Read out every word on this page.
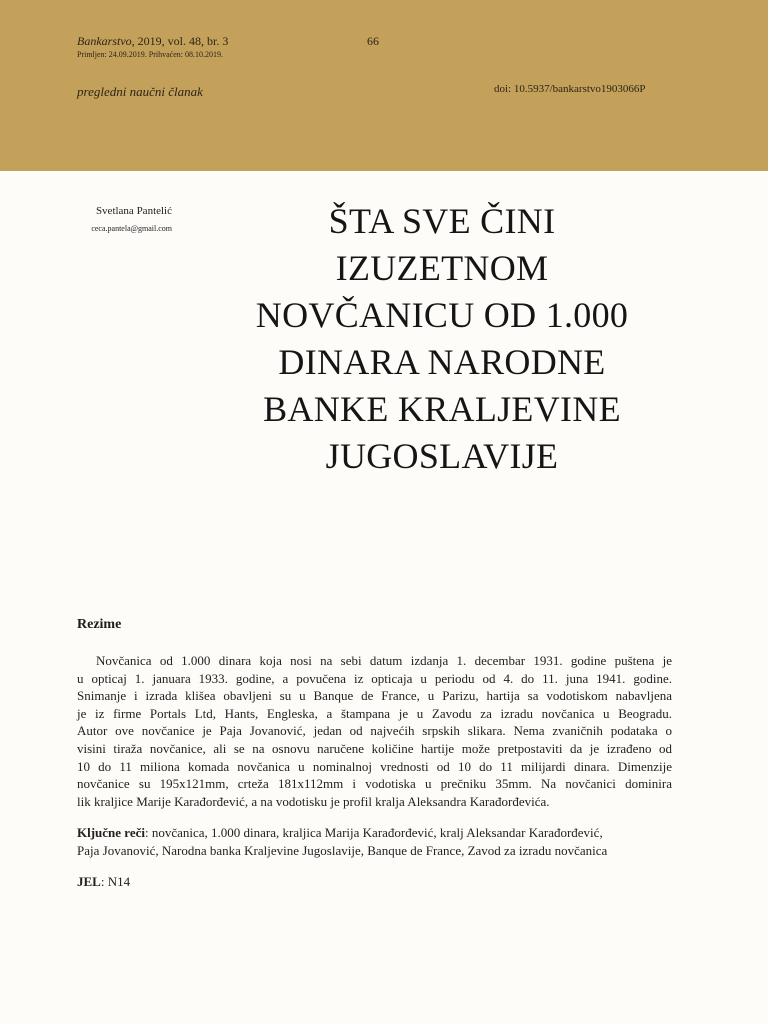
Bankarstvo, 2019, vol. 48, br. 3	66
Primljen: 24.09.2019. Prihvaćen: 08.10.2019.
pregledni naučni članak	doi: 10.5937/bankarstvo1903066P
Svetlana Pantelić
ceca.pantela@gmail.com	ŠTA SVE ČINI
IZUZETNOM
NOVČANICU OD 1.000
DINARA NARODNE
BANKE KRALJEVINE
JUGOSLAVIJE
Rezime
Novčanica od 1.000 dinara koja nosi na sebi datum izdanja 1. decembar 1931. godine puštena je
u opticaj 1. januara 1933. godine, a povučena iz opticaja u periodu od 4. do 11. juna 1941. godine.
Snimanje i izrada klišea obavljeni su u Banque de France, u Parizu, hartija sa vodotiskom nabavljena
je iz firme Portals Ltd, Hants, Engleska, a štampana je u Zavodu za izradu novčanica u Beogradu.
Autor ove novčanice je Paja Jovanović, jedan od najvećih srpskih slikara. Nema zvaničnih podataka o
visini tiraža novčanice, ali se na osnovu naručene količine hartije može pretpostaviti da je izrađeno od
10 do 11 miliona komada novčanica u nominalnoj vrednosti od 10 do 11 milijardi dinara. Dimenzije
novčanice su 195x121mm, crteža 181x112mm i vodotiska u prečniku 35mm. Na novčanici dominira
lik kraljice Marije Karađorđević, a na vodotisku je profil kralja Aleksandra Karađorđevića.
Ključne reči: novčanica, 1.000 dinara, kraljica Marija Karađorđević, kralj Aleksandar Karađorđević,
Paja Jovanović, Narodna banka Kraljevine Jugoslavije, Banque de France, Zavod za izradu novčanica
JEL: N14
